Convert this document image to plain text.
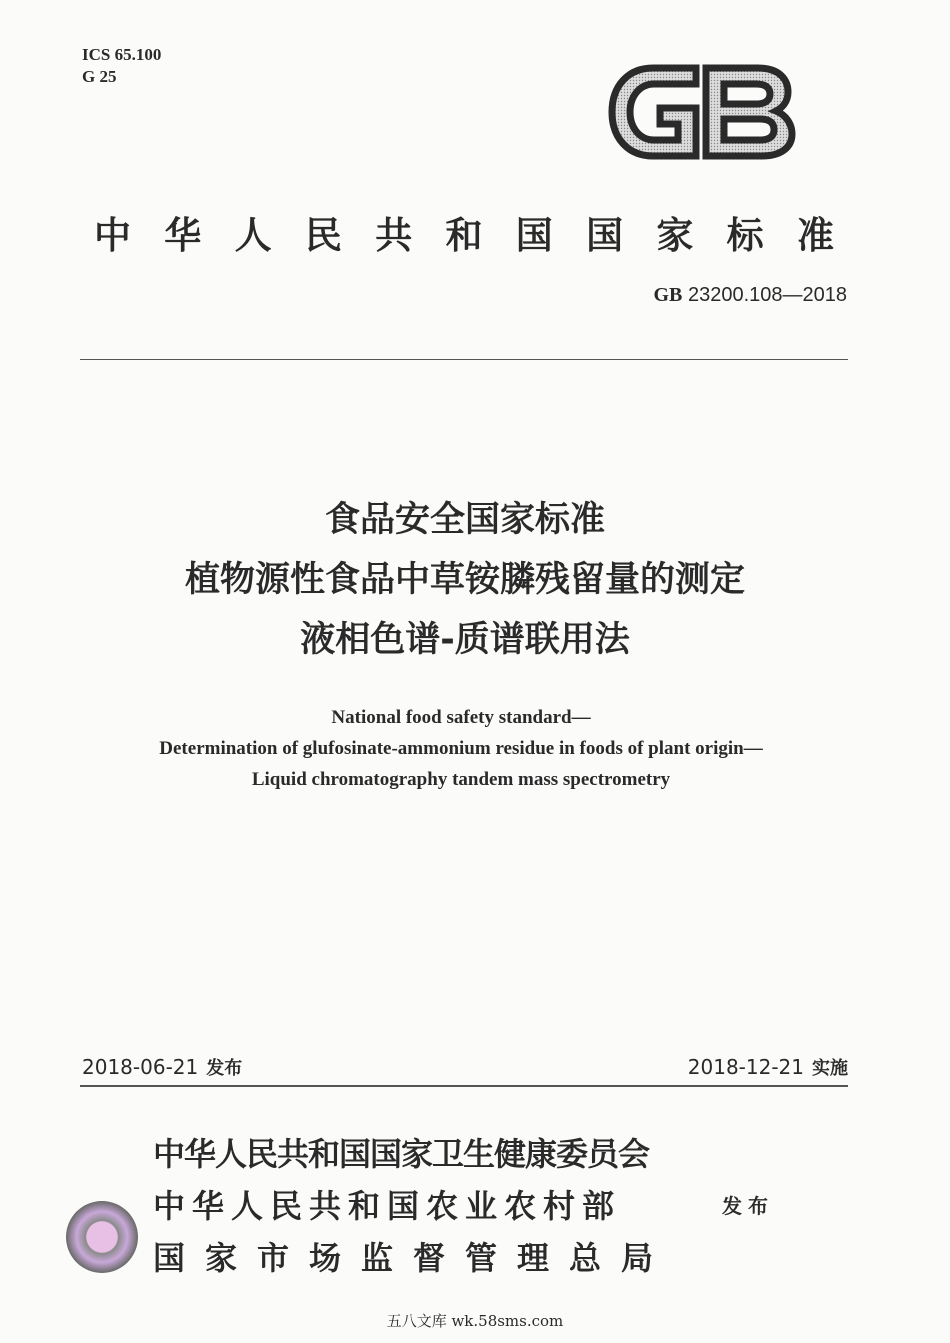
ICS 65.100
G 25
中 华 人 民 共 和 国 国 家 标 准
GB 23200.108—2018
食品安全国家标准
植物源性食品中草铵膦残留量的测定
液相色谱-质谱联用法
National food safety standard—
Determination of glufosinate-ammonium residue in foods of plant origin—
Liquid chromatography tandem mass spectrometry
2018-06-21 发布	2018-12-21 实施
中华人民共和国国家卫生健康委员会
中华人民共和国农业农村部
国家市场监督管理总局
发布
五八文库 wk.58sms.com
